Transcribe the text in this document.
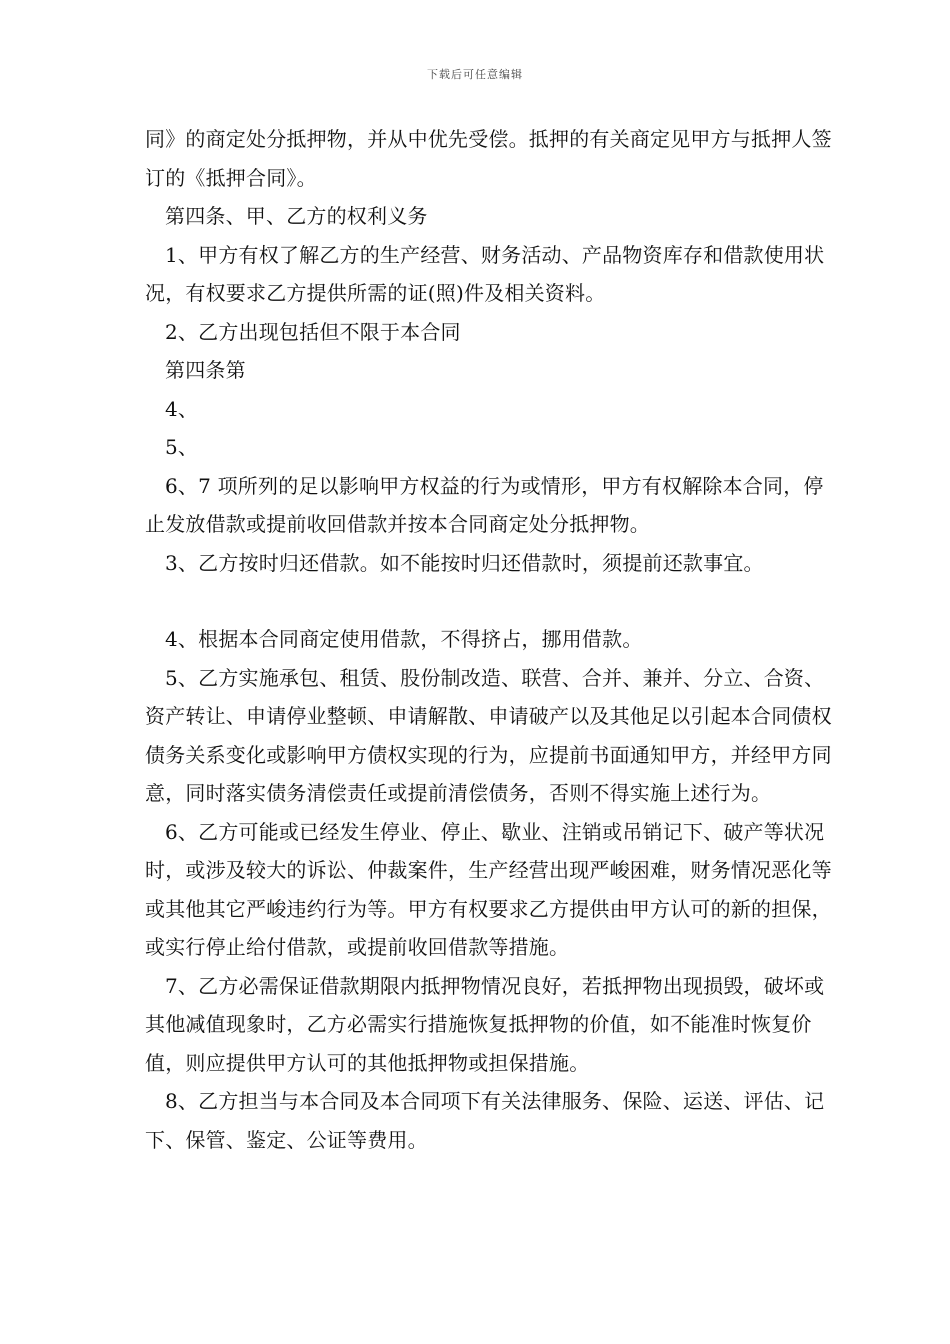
下载后可任意编辑

同》的商定处分抵押物，并从中优先受偿。抵押的有关商定见甲方与抵押人签订的《抵押合同》。

第四条、甲、乙方的权利义务

1、甲方有权了解乙方的生产经营、财务活动、产品物资库存和借款使用状况，有权要求乙方提供所需的证(照)件及相关资料。

2、乙方出现包括但不限于本合同

第四条第

4、

5、

6、7 项所列的足以影响甲方权益的行为或情形，甲方有权解除本合同，停止发放借款或提前收回借款并按本合同商定处分抵押物。

3、乙方按时归还借款。如不能按时归还借款时，须提前还款事宜。

4、根据本合同商定使用借款，不得挤占，挪用借款。

5、乙方实施承包、租赁、股份制改造、联营、合并、兼并、分立、合资、资产转让、申请停业整顿、申请解散、申请破产以及其他足以引起本合同债权债务关系变化或影响甲方债权实现的行为，应提前书面通知甲方，并经甲方同意，同时落实债务清偿责任或提前清偿债务，否则不得实施上述行为。

6、乙方可能或已经发生停业、停止、歇业、注销或吊销记下、破产等状况时，或涉及较大的诉讼、仲裁案件，生产经营出现严峻困难，财务情况恶化等或其他其它严峻违约行为等。甲方有权要求乙方提供由甲方认可的新的担保，或实行停止给付借款，或提前收回借款等措施。

7、乙方必需保证借款期限内抵押物情况良好，若抵押物出现损毁，破坏或其他减值现象时，乙方必需实行措施恢复抵押物的价值，如不能准时恢复价值，则应提供甲方认可的其他抵押物或担保措施。

8、乙方担当与本合同及本合同项下有关法律服务、保险、运送、评估、记下、保管、鉴定、公证等费用。
